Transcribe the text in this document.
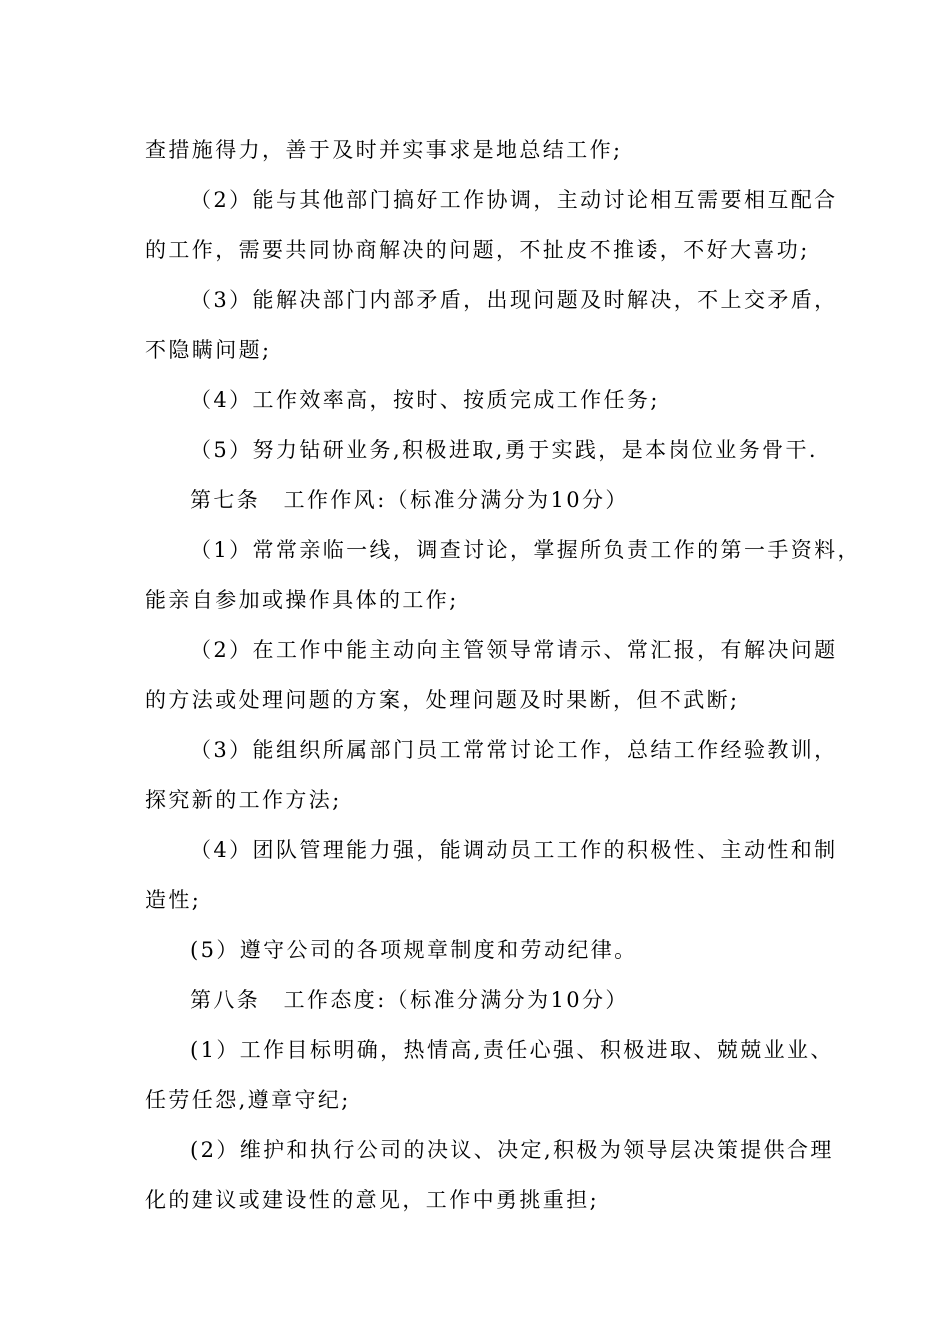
查措施得力，善于及时并实事求是地总结工作;
（2）能与其他部门搞好工作协调，主动讨论相互需要相互配合
的工作，需要共同协商解决的问题，不扯皮不推诿，不好大喜功;
（3）能解决部门内部矛盾，出现问题及时解决，不上交矛盾，
不隐瞒问题;
（4）工作效率高，按时、按质完成工作任务;
（5）努力钻研业务,积极进取,勇于实践，是本岗位业务骨干.
第七条　工作作风:（标准分满分为10分）
（1）常常亲临一线，调查讨论，掌握所负责工作的第一手资料，
能亲自参加或操作具体的工作;
（2）在工作中能主动向主管领导常请示、常汇报，有解决问题
的方法或处理问题的方案，处理问题及时果断，但不武断;
（3）能组织所属部门员工常常讨论工作，总结工作经验教训，
探究新的工作方法;
（4）团队管理能力强，能调动员工工作的积极性、主动性和制
造性;
(5）遵守公司的各项规章制度和劳动纪律。
第八条　工作态度:（标准分满分为10分）
(1）工作目标明确，热情高,责任心强、积极进取、兢兢业业、
任劳任怨,遵章守纪;
(2）维护和执行公司的决议、决定,积极为领导层决策提供合理
化的建议或建设性的意见，工作中勇挑重担;
